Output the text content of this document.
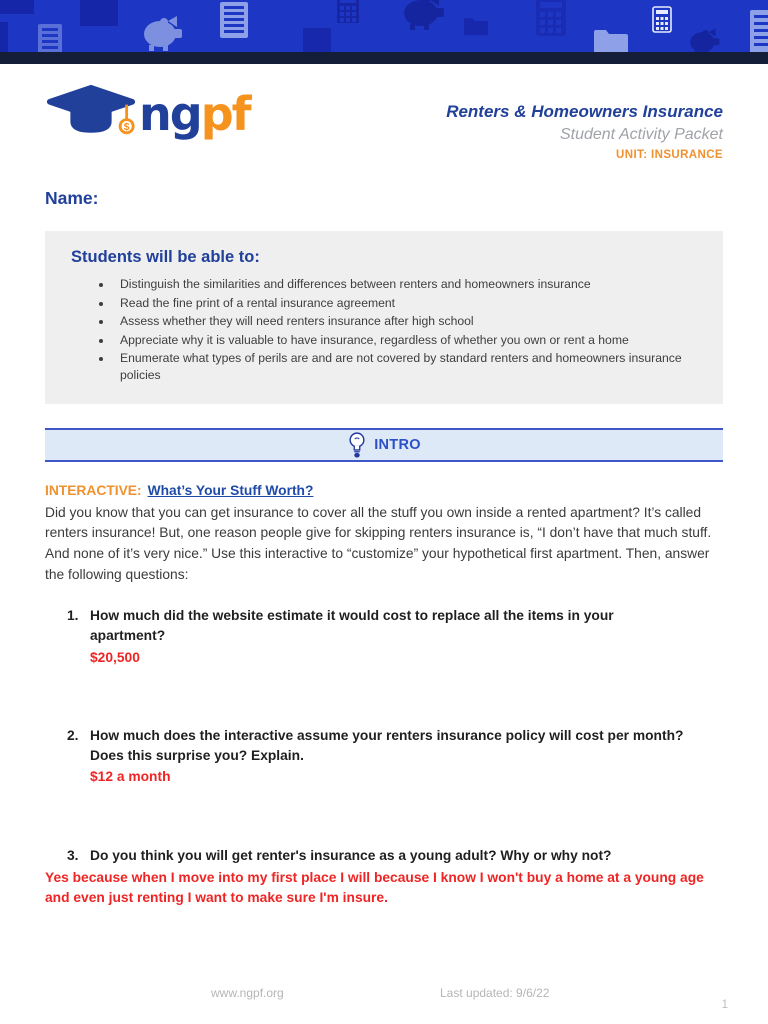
$ ngpf	Renters & Homeowners Insurance
Student Activity Packet
UNIT: INSURANCE
Name:
Students will be able to:
• Distinguish the similarities and differences between renters and homeowners insurance
• Read the fine print of a rental insurance agreement
• Assess whether they will need renters insurance after high school
• Appreciate why it is valuable to have insurance, regardless of whether you own or rent a home
• Enumerate what types of perils are and are not covered by standard renters and homeowners insurance policies
INTRO
INTERACTIVE: What’s Your Stuff Worth?
Did you know that you can get insurance to cover all the stuff you own inside a rented apartment? It’s called renters insurance! But, one reason people give for skipping renters insurance is, “I don’t have that much stuff. And none of it’s very nice.” Use this interactive to “customize” your hypothetical first apartment. Then, answer the following questions:
1. How much did the website estimate it would cost to replace all the items in your apartment?
$20,500
2. How much does the interactive assume your renters insurance policy will cost per month? Does this surprise you? Explain.
$12 a month
3. Do you think you will get renter's insurance as a young adult? Why or why not?
Yes because when I move into my first place I will because I know I won't buy a home at a young age and even just renting I want to make sure I'm insure.
www.ngpf.org	Last updated: 9/6/22
1
